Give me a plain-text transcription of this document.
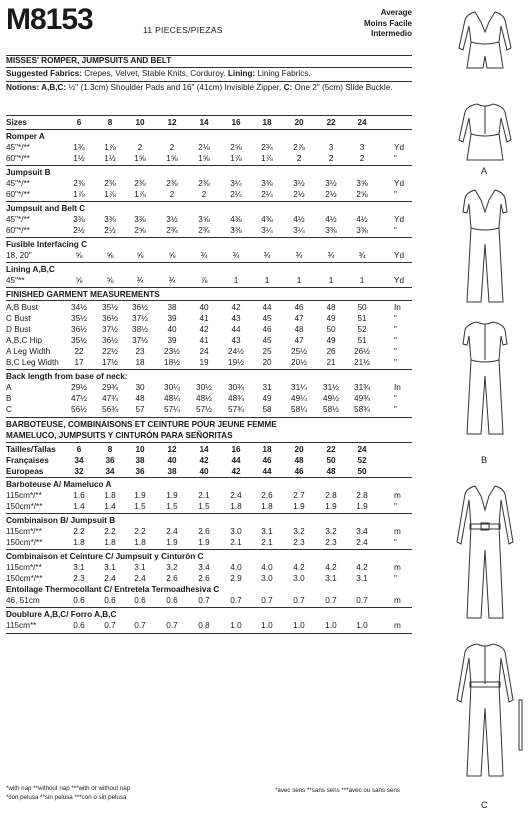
M8153	11 PIECES/PIEZAS
Average
Moins Facile
Intermedio
MISSES' ROMPER, JUMPSUITS AND BELT
Suggested Fabrics: Crepes, Velvet, Stable Knits, Corduroy. Lining: Lining Fabrics.
Notions: A,B,C: ½" (1.3cm) Shoulder Pads and 16" (41cm) Invisible Zipper. C: One 2" (5cm) Slide Buckle.
Sizes	6	8	10	12	14	16	18	20	22	24
Romper A
45"*/**	1¾	1⅞	2	2	2⅛	2⅝	2¾	2⅞	3	3	Yd
60"*/**	1½	1½	1⅝	1⅝	1⅝	1⅞	1⅞	2	2	2	"
Jumpsuit B
45"*/**	2⅜	2⅜	2⅜	2⅜	2⅜	3¼	3⅜	3½	3½	3⅝	Yd
60"*/**	1⅞	1⅞	1⅞	2	2	2¼	2¼	2½	2½	2⅝	"
Jumpsuit and Belt C
45"*/**	3⅜	3⅜	3⅜	3½	3⅝	4⅜	4⅜	4½	4½	4½	Yd
60"*/**	2½	2½	2⅝	2¾	2¾	3⅜	3¼	3¼	3⅜	3⅜	"
Fusible Interfacing C
18, 20"	⅝	⅝	⅝	⅝	¾	¾	¾	¾	¾	¾	Yd
Lining A,B,C
45"**	⅝	⅝	¾	¾	⅞	1	1	1	1	1	Yd
FINISHED GARMENT MEASUREMENTS
A,B Bust	34½	35½	36½	38	40	42	44	46	48	50	In
C Bust	35½	36½	37½	39	41	43	45	47	49	51	"
D Bust	36½	37½	38½	40	42	44	46	48	50	52	"
A,B,C Hip	35½	36½	37½	39	41	43	45	47	49	51	"
A Leg Width	22	22½	23	23½	24	24½	25	25½	26	26½	"
B,C Leg Width	17	17½	18	18½	19	19½	20	20½	21	21½	"
Back length from base of neck:
A	29½	29¾	30	30¼	30½	30¾	31	31¼	31½	31¾	In
B	47½	47¾	48	48¼	48½	48¾	49	49¼	49½	49¾	"
C	56½	56¾	57	57¼	57½	57¾	58	58¼	58½	58¾	"
BARBOTEUSE, COMBINAISONS ET CEINTURE POUR JEUNE FEMME
MAMELUCO, JUMPSUITS Y CINTURÓN PARA SEÑORITAS
Tailles/Tallas	6	8	10	12	14	16	18	20	22	24
Françaises	34	36	38	40	42	44	46	48	50	52
Europeas	32	34	36	38	40	42	44	46	48	50
Barboteuse A/ Mameluco A
115cm*/**	1.6	1.8	1.9	1.9	2.1	2.4	2.6	2.7	2.8	2.8	m
150cm*/**	1.4	1.4	1.5	1.5	1.5	1.8	1.8	1.9	1.9	1.9	"
Combinaison B/ Jumpsuit B
115cm*/**	2.2	2.2	2.2	2.4	2.6	3.0	3.1	3.2	3.2	3.4	m
150cm*/**	1.8	1.8	1.8	1.9	1.9	2.1	2.1	2.3	2.3	2.4	"
Combinaison et Ceinture C/ Jumpsuit y Cinturón C
115cm*/**	3.1	3.1	3.1	3.2	3.4	4.0	4.0	4.2	4.2	4.2	m
150cm*/**	2.3	2.4	2.4	2.6	2.6	2.9	3.0	3.0	3.1	3.1	"
Entoilage Thermocollant C/ Entretela Termoadhesiva C
46, 51cm	0.6	0.6	0.6	0.6	0.7	0.7	0.7	0.7	0.7	0.7	m
Doublure A,B,C/ Forro A,B,C
115cm**	0.6	0.7	0.7	0.7	0.8	1.0	1.0	1.0	1.0	1.0	m
*with nap **without nap ***with or without nap
*con pelusa **sin pelusa ***con o sin pelusa
*avec sens **sans sens ***avec ou sans sens
A
B
C
